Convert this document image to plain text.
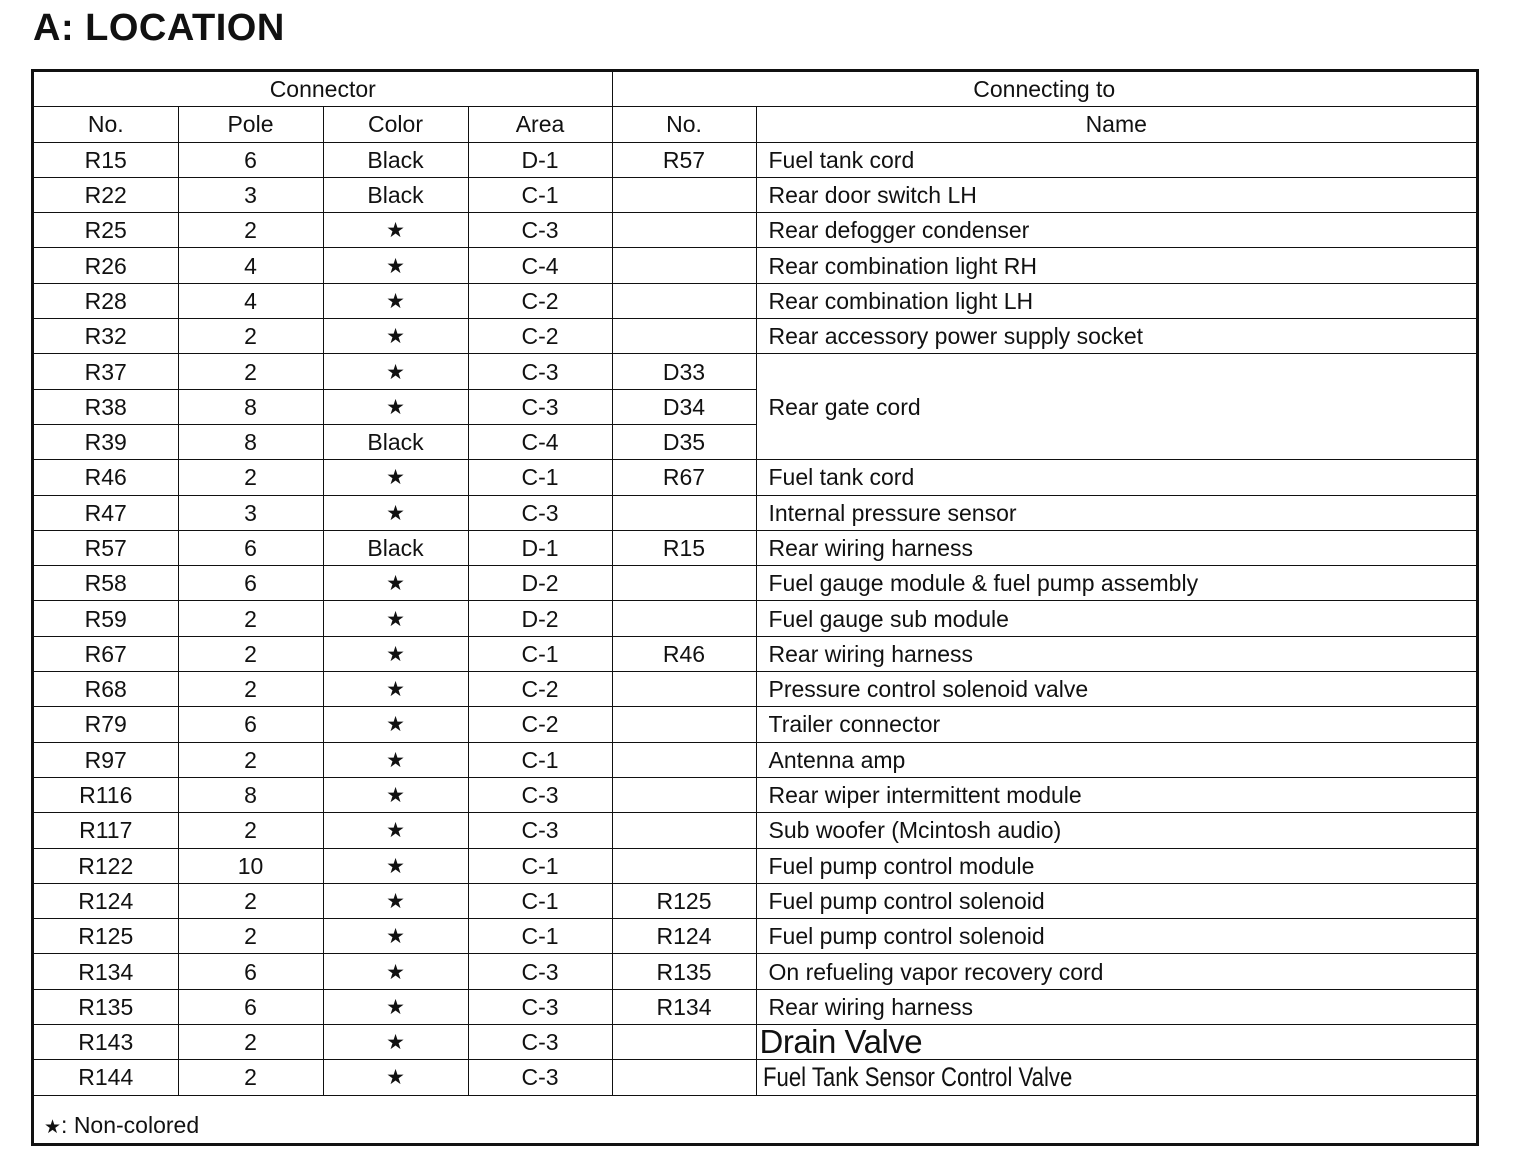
A: LOCATION
Connector				Connecting to	
No.	Pole	Color	Area	No.	Name
R15	6	Black	D-1	R57	Fuel tank cord
R22	3	Black	C-1		Rear door switch LH
R25	2	★	C-3		Rear defogger condenser
R26	4	★	C-4		Rear combination light RH
R28	4	★	C-2		Rear combination light LH
R32	2	★	C-2		Rear accessory power supply socket
R37	2	★	C-3	D33	Rear gate cord
R38	8	★	C-3	D34	
R39	8	Black	C-4	D35	
R46	2	★	C-1	R67	Fuel tank cord
R47	3	★	C-3		Internal pressure sensor
R57	6	Black	D-1	R15	Rear wiring harness
R58	6	★	D-2		Fuel gauge module & fuel pump assembly
R59	2	★	D-2		Fuel gauge sub module
R67	2	★	C-1	R46	Rear wiring harness
R68	2	★	C-2		Pressure control solenoid valve
R79	6	★	C-2		Trailer connector
R97	2	★	C-1		Antenna amp
R116	8	★	C-3		Rear wiper intermittent module
R117	2	★	C-3		Sub woofer (Mcintosh audio)
R122	10	★	C-1		Fuel pump control module
R124	2	★	C-1	R125	Fuel pump control solenoid
R125	2	★	C-1	R124	Fuel pump control solenoid
R134	6	★	C-3	R135	On refueling vapor recovery cord
R135	6	★	C-3	R134	Rear wiring harness
R143	2	★	C-3		Drain Valve
R144	2	★	C-3		Fuel Tank Sensor Control Valve
★: Non-colored
